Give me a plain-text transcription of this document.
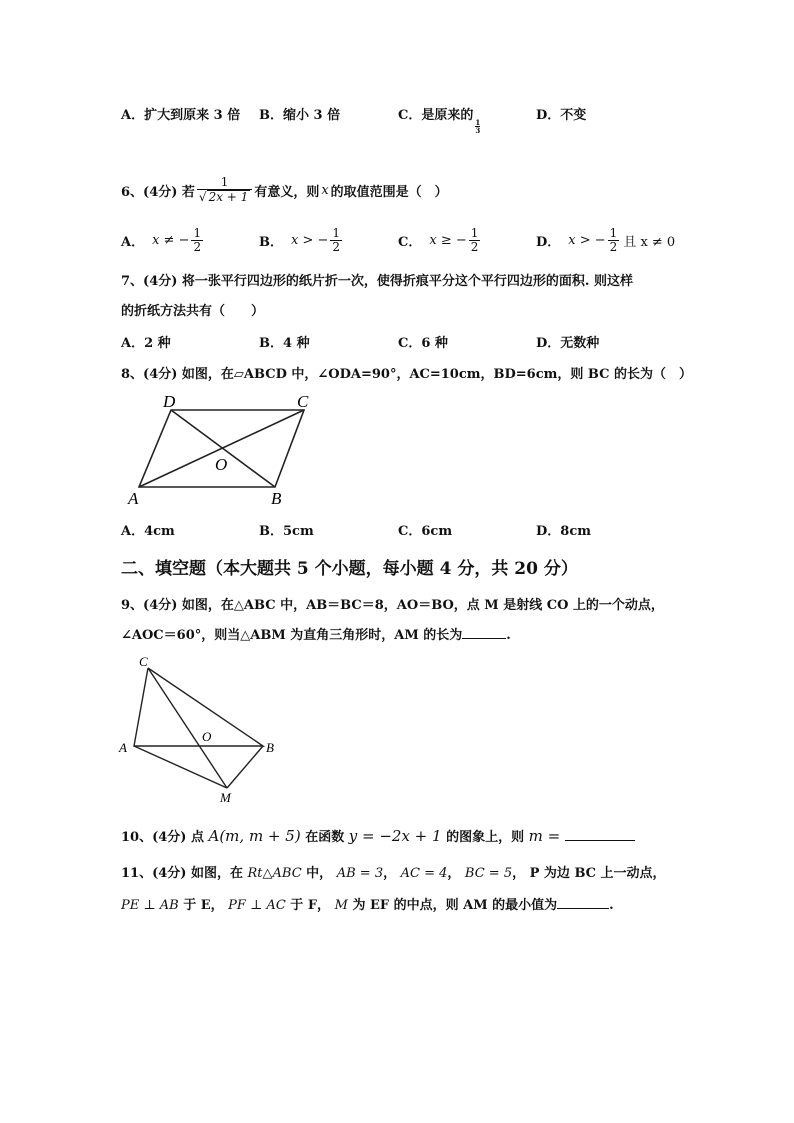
A．扩大到原来 3 倍 B．缩小 3 倍	C．是原来的
$\frac{1}{3}$
D．不变
6、(4分) 若 $\frac{1}{√ 2x + 1}$ 有意义，则 x 的取值范围是（　）
A． x ≠ − $\frac{1}{2}$	B． x > − $\frac{1}{2}$	C． x ≥ − $\frac{1}{2}$	D． x > − $\frac{1}{2}$ 且 x ≠ 0
7、(4分) 将一张平行四边形的纸片折一次，使得折痕平分这个平行四边形的面积. 则这样
的折纸方法共有（　　）
A．2 种	B．4 种	C．6 种	D．无数种
8、(4分) 如图，在▱ABCD 中，∠ODA=90°，AC=10cm，BD=6cm，则 BC 的长为（　）
D	C
O
A	B
A．4cm	B．5cm	C．6cm	D．8cm
二、填空题（本大题共 5 个小题，每小题 4 分，共 20 分）
9、(4分) 如图，在△ABC 中，AB＝BC＝8，AO＝BO，点 M 是射线 CO 上的一个动点，
∠AOC＝60°，则当△ABM 为直角三角形时，AM 的长为	.
C
A	B
O
M
10、(4分) 点 A(m, m + 5) 在函数 y = −2x + 1 的图象上，则 m =
11、(4分) 如图，在 Rt△ABC 中， AB = 3， AC = 4， BC = 5， P 为边 BC 上一动点，
PE ⊥ AB 于 E， PF ⊥ AC 于 F， M 为 EF 的中点，则 AM 的最小值为	.
